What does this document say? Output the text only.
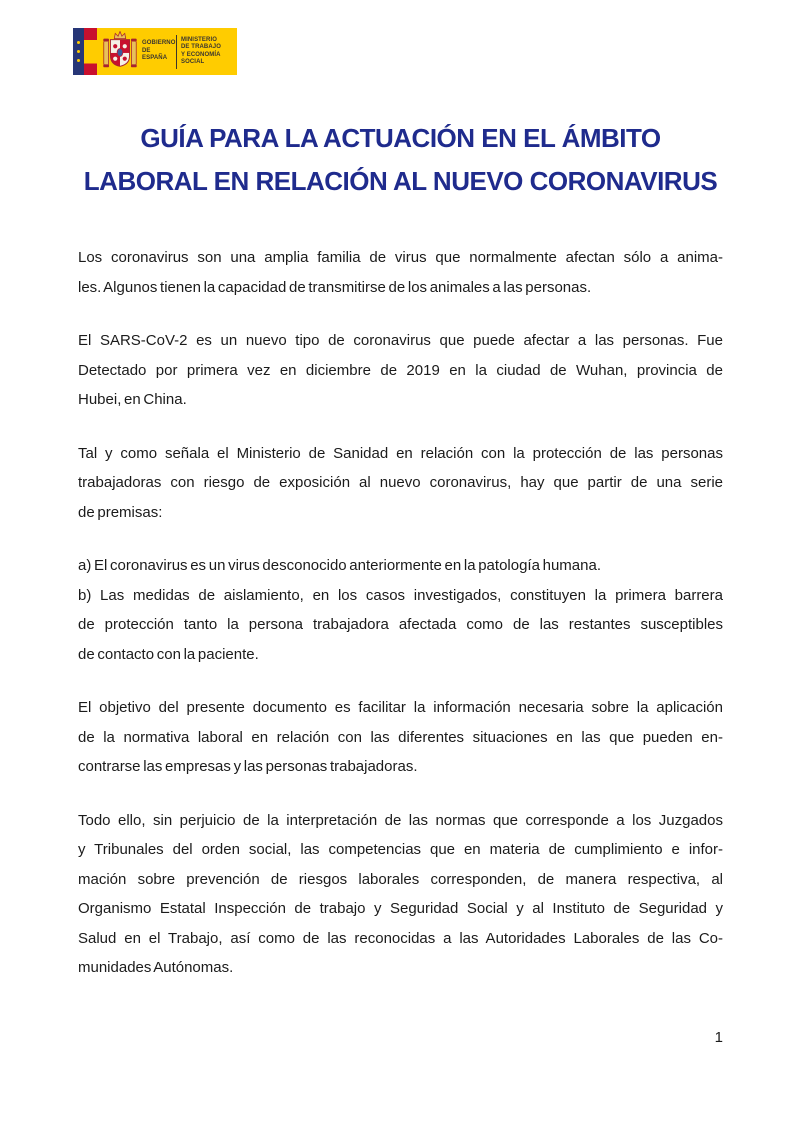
GOBIERNO
DE ESPAÑA
MINISTERIO
DE TRABAJO
Y ECONOMÍA SOCIAL
GUÍA PARA LA ACTUACIÓN EN EL ÁMBITO
LABORAL EN RELACIÓN AL NUEVO CORONAVIRUS
Los coronavirus son una amplia familia de virus que normalmente afectan sólo a anima-
les. Algunos tienen la capacidad de transmitirse de los animales a las personas.
El SARS-CoV-2 es un nuevo tipo de coronavirus que puede afectar a las personas. Fue
Detectado por primera vez en diciembre de 2019 en la ciudad de Wuhan, provincia de
Hubei, en China.
Tal y como señala el Ministerio de Sanidad en relación con la protección de las personas
trabajadoras con riesgo de exposición al nuevo coronavirus, hay que partir de una serie
de premisas:
a) El coronavirus es un virus desconocido anteriormente en la patología humana.
b) Las medidas de aislamiento, en los casos investigados, constituyen la primera barrera
de protección tanto la persona trabajadora afectada como de las restantes susceptibles
de contacto con la paciente.
El objetivo del presente documento es facilitar la información necesaria sobre la aplicación
de la normativa laboral en relación con las diferentes situaciones en las que pueden en-
contrarse las empresas y las personas trabajadoras.
Todo ello, sin perjuicio de la interpretación de las normas que corresponde a los Juzgados
y Tribunales del orden social, las competencias que en materia de cumplimiento e infor-
mación sobre prevención de riesgos laborales corresponden, de manera respectiva, al
Organismo Estatal Inspección de trabajo y Seguridad Social y al Instituto de Seguridad y
Salud en el Trabajo, así como de las reconocidas a las Autoridades Laborales de las Co-
munidades Autónomas.
1
